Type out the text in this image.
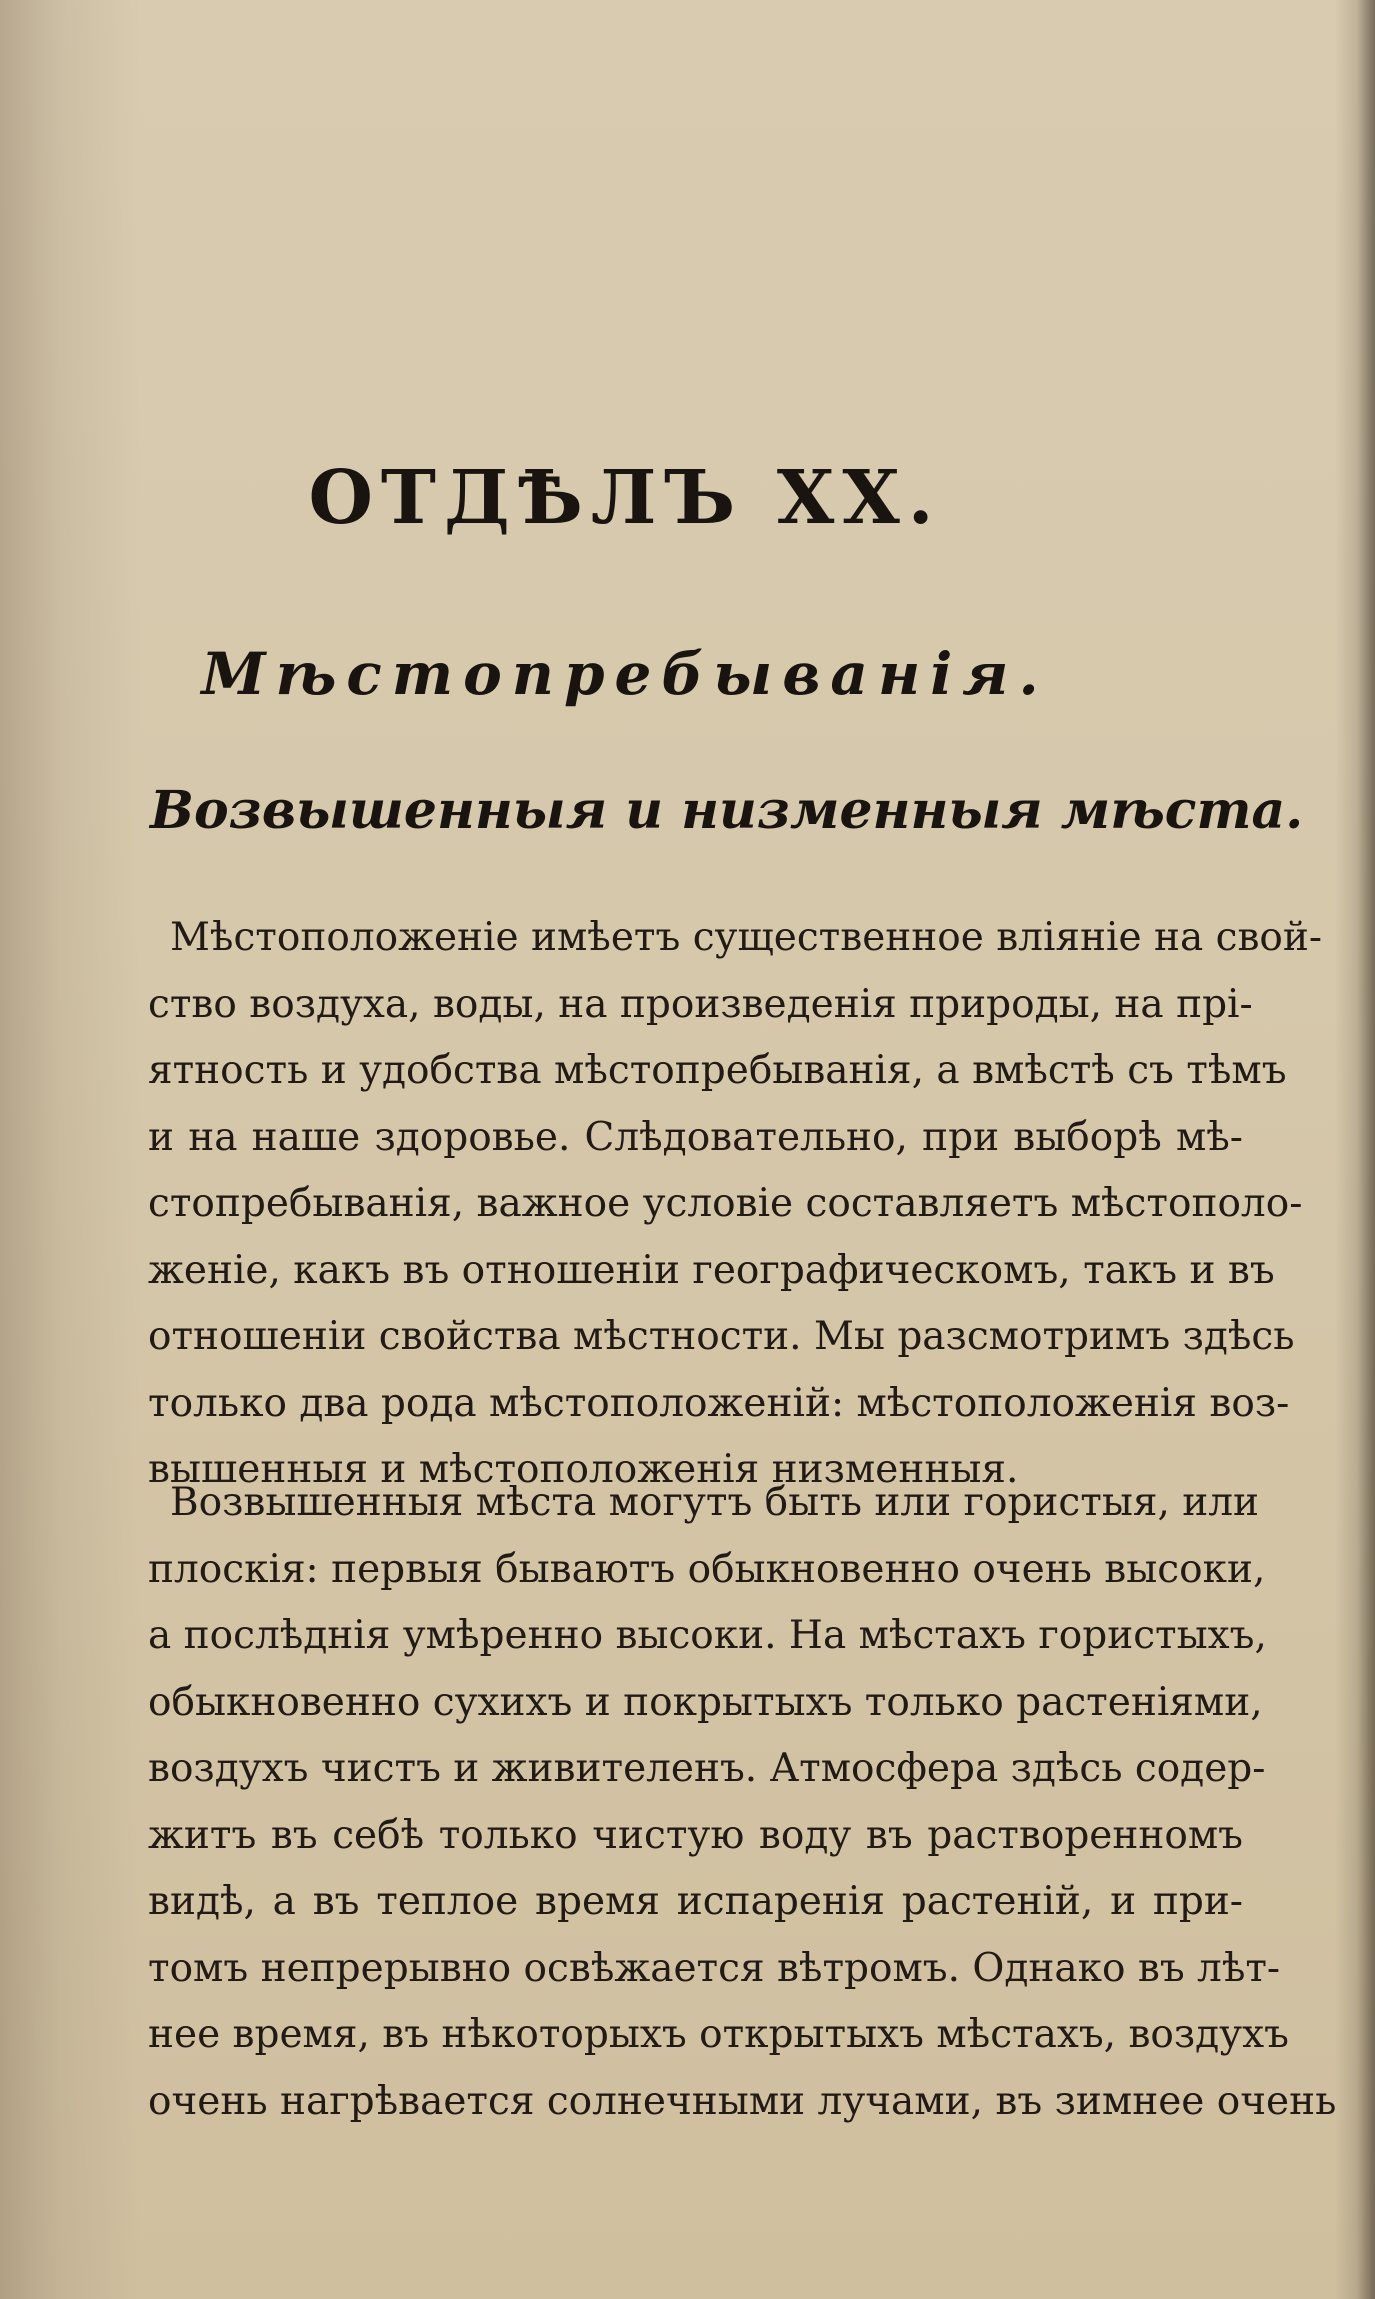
ОТДѢЛЪ XX.
Мѣстопребыванія.
Возвышенныя и низменныя мѣста.
Мѣстоположеніе имѣетъ существенное вліяніе на свой-
ство воздуха, воды, на произведенія природы, на прі-
ятность и удобства мѣстопребыванія, а вмѣстѣ съ тѣмъ
и на наше здоровье. Слѣдовательно, при выборѣ мѣ-
стопребыванія, важное условіе составляетъ мѣстополо-
женіе, какъ въ отношеніи географическомъ, такъ и въ
отношеніи свойства мѣстности. Мы разсмотримъ здѣсь
только два рода мѣстоположеній: мѣстоположенія воз-
вышенныя и мѣстоположенія низменныя.
Возвышенныя мѣста могутъ быть или гористыя, или
плоскія: первыя бываютъ обыкновенно очень высоки,
а послѣднія умѣренно высоки. На мѣстахъ гористыхъ,
обыкновенно сухихъ и покрытыхъ только растеніями,
воздухъ чистъ и живителенъ. Атмосфера здѣсь содер-
житъ въ себѣ только чистую воду въ растворенномъ
видѣ, а въ теплое время испаренія растеній, и при-
томъ непрерывно освѣжается вѣтромъ. Однако въ лѣт-
нее время, въ нѣкоторыхъ открытыхъ мѣстахъ, воздухъ
очень нагрѣвается солнечными лучами, въ зимнее очень
